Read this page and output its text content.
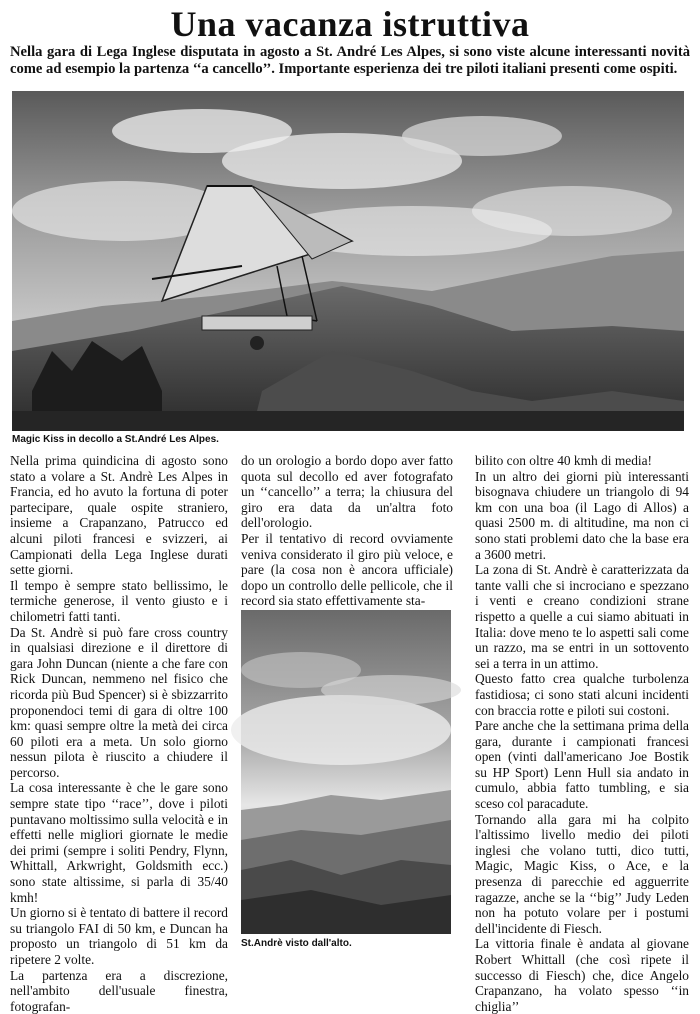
Una vacanza istruttiva
Nella gara di Lega Inglese disputata in agosto a St. André Les Alpes, si sono viste alcune interessanti novità come ad esempio la partenza ‘‘a cancello’’. Importante esperienza dei tre piloti italiani presenti come ospiti.
Magic Kiss in decollo a St.André Les Alpes.

Nella prima quindicina di agosto sono stato a volare a St. Andrè Les Alpes in Francia, ed ho avuto la fortuna di poter partecipare, quale ospite straniero, insieme a Crapanzano, Patrucco ed alcuni piloti francesi e svizzeri, ai Campionati della Lega Inglese durati sette giorni.

Il tempo è sempre stato bellissimo, le termiche generose, il vento giusto e i chilometri fatti tanti.

Da St. Andrè si può fare cross country in qualsiasi direzione e il direttore di gara John Duncan (niente a che fare con Rick Duncan, nemmeno nel fisico che ricorda più Bud Spencer) si è sbizzarrito proponendoci temi di gara di oltre 100 km: quasi sempre oltre la metà dei circa 60 piloti era a meta. Un solo giorno nessun pilota è riuscito a chiudere il percorso.

La cosa interessante è che le gare sono sempre state tipo ‘‘race’’, dove i piloti puntavano moltissimo sulla velocità e in effetti nelle migliori giornate le medie dei primi (sempre i soliti Pendry, Flynn, Whittall, Arkwright, Goldsmith ecc.) sono state altissime, si parla di 35/40 kmh!

Un giorno si è tentato di battere il record su triangolo FAI di 50 km, e Duncan ha proposto un triangolo di 51 km da ripetere 2 volte.

La partenza era a discrezione, nell'ambito dell'usuale finestra, fotografan-

do un orologio a bordo dopo aver fatto quota sul decollo ed aver fotografato un ‘‘cancello’’ a terra; la chiusura del giro era data da un'altra foto dell'orologio.

Per il tentativo di record ovviamente veniva considerato il giro più veloce, e pare (la cosa non è ancora ufficiale) dopo un controllo delle pellicole, che il record sia stato effettivamente sta-

St.Andrè visto dall'alto.

bilito con oltre 40 kmh di media!

In un altro dei giorni più interessanti bisognava chiudere un triangolo di 94 km con una boa (il Lago di Allos) a quasi 2500 m. di altitudine, ma non ci sono stati problemi dato che la base era a 3600 metri.

La zona di St. Andrè è caratterizzata da tante valli che si incrociano e spezzano i venti e creano condizioni strane rispetto a quelle a cui siamo abituati in Italia: dove meno te lo aspetti sali come un razzo, ma se entri in un sottovento sei a terra in un attimo.

Questo fatto crea qualche turbolenza fastidiosa; ci sono stati alcuni incidenti con braccia rotte e piloti sui costoni.

Pare anche che la settimana prima della gara, durante i campionati francesi open (vinti dall'americano Joe Bostik su HP Sport) Lenn Hull sia andato in cumulo, abbia fatto tumbling, e sia sceso col paracadute.

Tornando alla gara mi ha colpito l'altissimo livello medio dei piloti inglesi che volano tutti, dico tutti, Magic, Magic Kiss, o Ace, e la presenza di parecchie ed agguerrite ragazze, anche se la ‘‘big’’ Judy Leden non ha potuto volare per i postumi dell'incidente di Fiesch.

La vittoria finale è andata al giovane Robert Whittall (che così ripete il successo di Fiesch) che, dice Angelo Crapanzano, ha volato spesso ‘‘in chiglia’’
